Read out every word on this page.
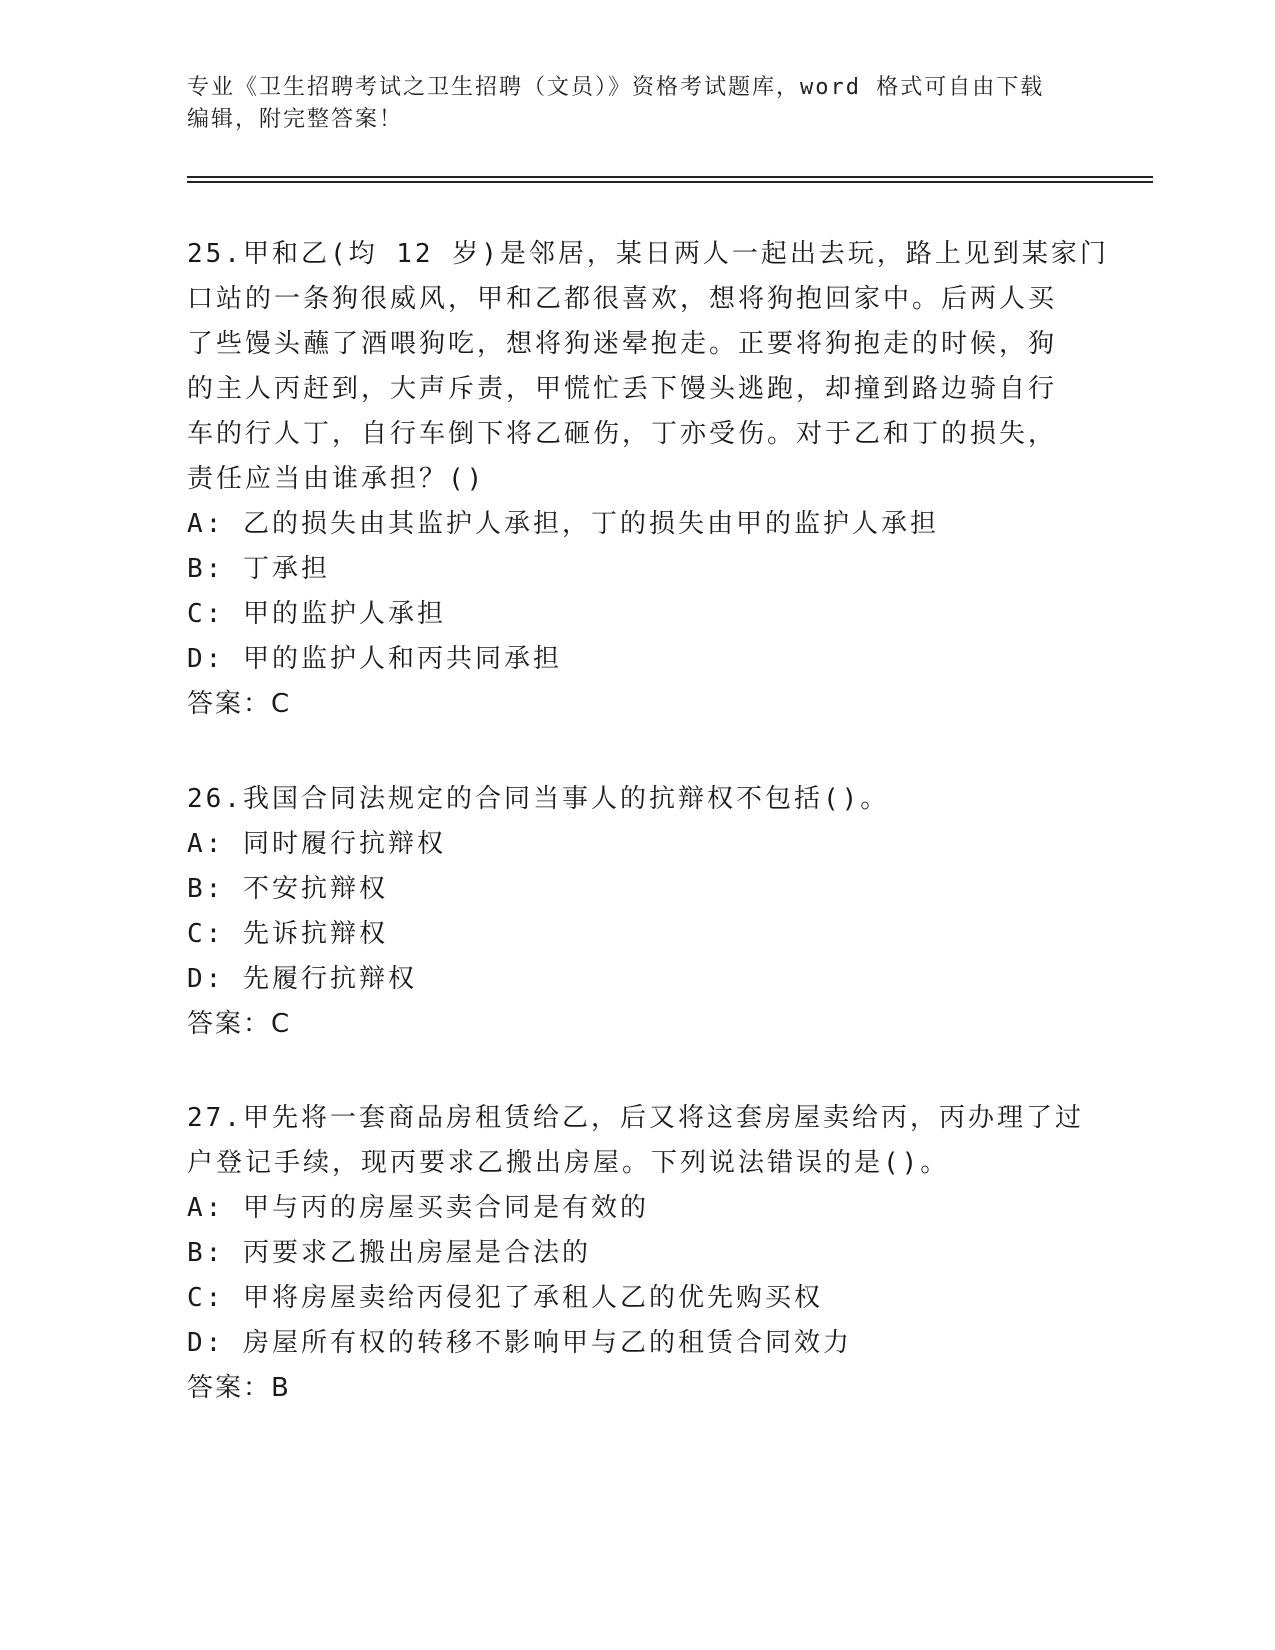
专业《卫生招聘考试之卫生招聘（文员）》资格考试题库，word 格式可自由下载
编辑，附完整答案！
25.甲和乙(均 12 岁)是邻居，某日两人一起出去玩，路上见到某家门
口站的一条狗很威风，甲和乙都很喜欢，想将狗抱回家中。后两人买
了些馒头蘸了酒喂狗吃，想将狗迷晕抱走。正要将狗抱走的时候，狗
的主人丙赶到，大声斥责，甲慌忙丢下馒头逃跑，却撞到路边骑自行
车的行人丁，自行车倒下将乙砸伤，丁亦受伤。对于乙和丁的损失，
责任应当由谁承担？()
A: 乙的损失由其监护人承担，丁的损失由甲的监护人承担
B: 丁承担
C: 甲的监护人承担
D: 甲的监护人和丙共同承担
答案：C
26.我国合同法规定的合同当事人的抗辩权不包括()。
A: 同时履行抗辩权
B: 不安抗辩权
C: 先诉抗辩权
D: 先履行抗辩权
答案：C
27.甲先将一套商品房租赁给乙，后又将这套房屋卖给丙，丙办理了过
户登记手续，现丙要求乙搬出房屋。下列说法错误的是()。
A: 甲与丙的房屋买卖合同是有效的
B: 丙要求乙搬出房屋是合法的
C: 甲将房屋卖给丙侵犯了承租人乙的优先购买权
D: 房屋所有权的转移不影响甲与乙的租赁合同效力
答案：B
